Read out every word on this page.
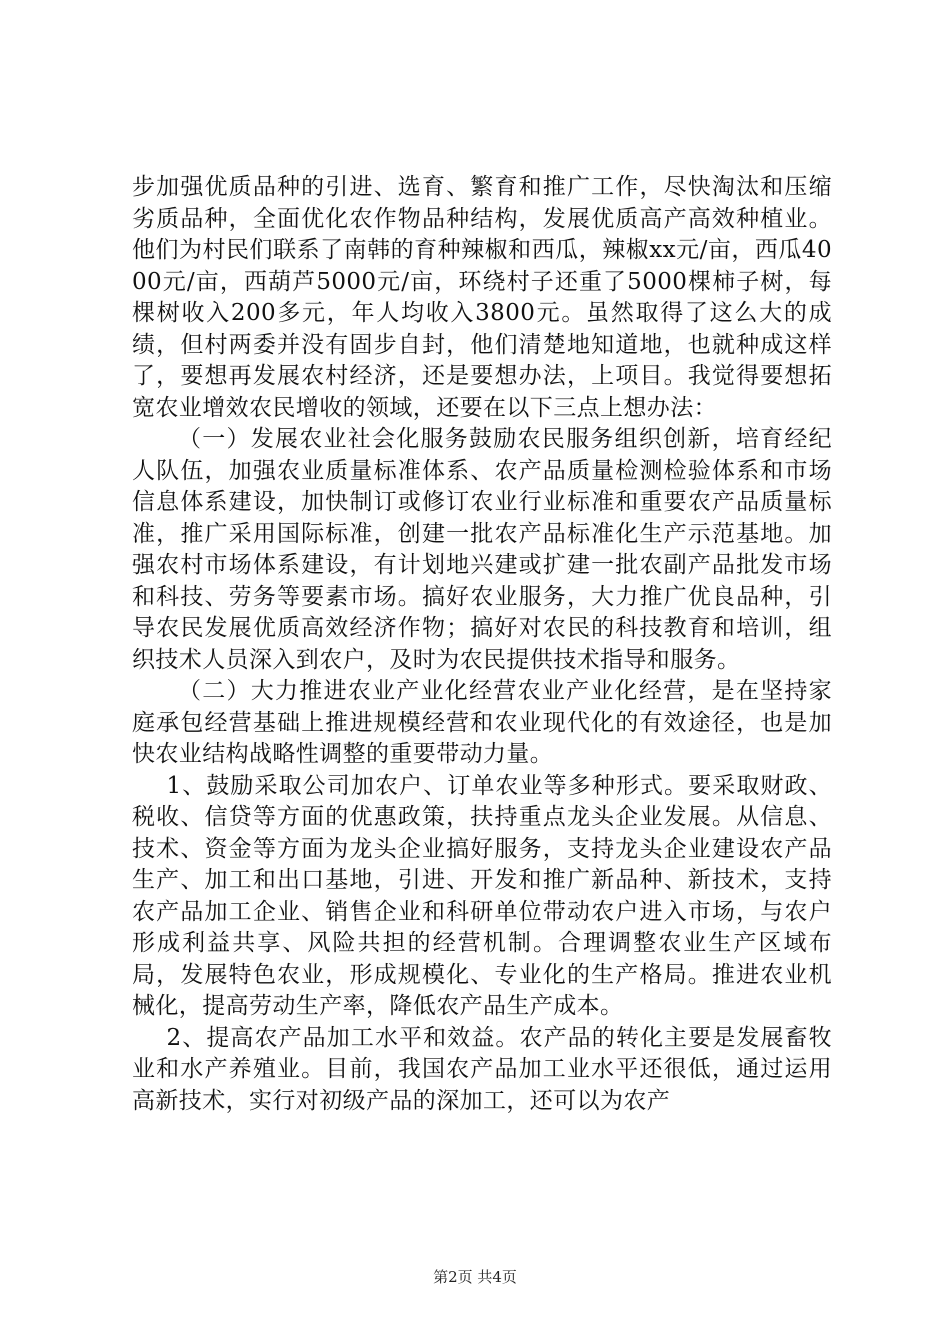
步加强优质品种的引进、选育、繁育和推广工作，尽快淘汰和压缩劣质品种，全面优化农作物品种结构，发展优质高产高效种植业。他们为村民们联系了南韩的育种辣椒和西瓜，辣椒xx元/亩，西瓜4000元/亩，西葫芦5000元/亩，环绕村子还重了5000棵柿子树，每棵树收入200多元，年人均收入3800元。虽然取得了这么大的成绩，但村两委并没有固步自封，他们清楚地知道地，也就种成这样了，要想再发展农村经济，还是要想办法，上项目。我觉得要想拓宽农业增效农民增收的领域，还要在以下三点上想办法：

（一）发展农业社会化服务鼓励农民服务组织创新，培育经纪人队伍，加强农业质量标准体系、农产品质量检测检验体系和市场信息体系建设，加快制订或修订农业行业标准和重要农产品质量标准，推广采用国际标准，创建一批农产品标准化生产示范基地。加强农村市场体系建设，有计划地兴建或扩建一批农副产品批发市场和科技、劳务等要素市场。搞好农业服务，大力推广优良品种，引导农民发展优质高效经济作物；搞好对农民的科技教育和培训，组织技术人员深入到农户，及时为农民提供技术指导和服务。

（二）大力推进农业产业化经营农业产业化经营，是在坚持家庭承包经营基础上推进规模经营和农业现代化的有效途径，也是加快农业结构战略性调整的重要带动力量。

1、鼓励采取公司加农户、订单农业等多种形式。要采取财政、税收、信贷等方面的优惠政策，扶持重点龙头企业发展。从信息、技术、资金等方面为龙头企业搞好服务，支持龙头企业建设农产品生产、加工和出口基地，引进、开发和推广新品种、新技术，支持农产品加工企业、销售企业和科研单位带动农户进入市场，与农户形成利益共享、风险共担的经营机制。合理调整农业生产区域布局，发展特色农业，形成规模化、专业化的生产格局。推进农业机械化，提高劳动生产率，降低农产品生产成本。

2、提高农产品加工水平和效益。农产品的转化主要是发展畜牧业和水产养殖业。目前，我国农产品加工业水平还很低，通过运用高新技术，实行对初级产品的深加工，还可以为农产

第2页 共4页
